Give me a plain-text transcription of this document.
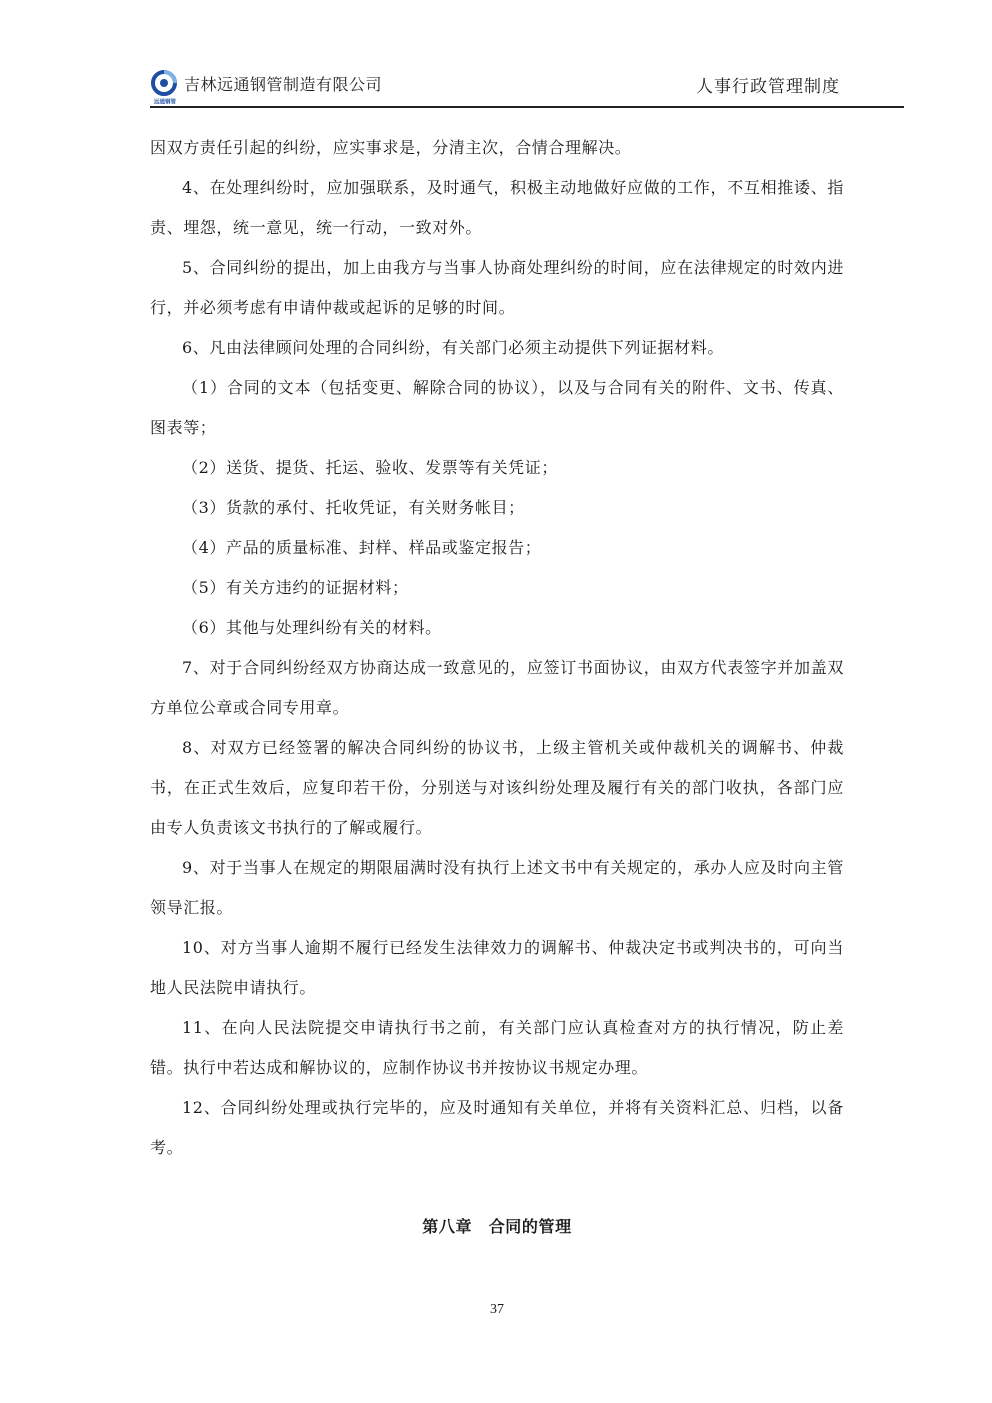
远通钢管
吉林远通钢管制造有限公司	人事行政管理制度

因双方责任引起的纠纷，应实事求是，分清主次，合情合理解决。

4、在处理纠纷时，应加强联系，及时通气，积极主动地做好应做的工作，不互相推诿、指责、埋怨，统一意见，统一行动，一致对外。

5、合同纠纷的提出，加上由我方与当事人协商处理纠纷的时间，应在法律规定的时效内进行，并必须考虑有申请仲裁或起诉的足够的时间。

6、凡由法律顾问处理的合同纠纷，有关部门必须主动提供下列证据材料。

（1）合同的文本（包括变更、解除合同的协议），以及与合同有关的附件、文书、传真、图表等；

（2）送货、提货、托运、验收、发票等有关凭证；

（3）货款的承付、托收凭证，有关财务帐目；

（4）产品的质量标准、封样、样品或鉴定报告；

（5）有关方违约的证据材料；

（6）其他与处理纠纷有关的材料。

7、对于合同纠纷经双方协商达成一致意见的，应签订书面协议，由双方代表签字并加盖双方单位公章或合同专用章。

8、对双方已经签署的解决合同纠纷的协议书，上级主管机关或仲裁机关的调解书、仲裁书，在正式生效后，应复印若干份，分别送与对该纠纷处理及履行有关的部门收执，各部门应由专人负责该文书执行的了解或履行。

9、对于当事人在规定的期限届满时没有执行上述文书中有关规定的，承办人应及时向主管领导汇报。

10、对方当事人逾期不履行已经发生法律效力的调解书、仲裁决定书或判决书的，可向当地人民法院申请执行。

11、在向人民法院提交申请执行书之前，有关部门应认真检查对方的执行情况，防止差错。执行中若达成和解协议的，应制作协议书并按协议书规定办理。

12、合同纠纷处理或执行完毕的，应及时通知有关单位，并将有关资料汇总、归档，以备考。

第八章　合同的管理
37
